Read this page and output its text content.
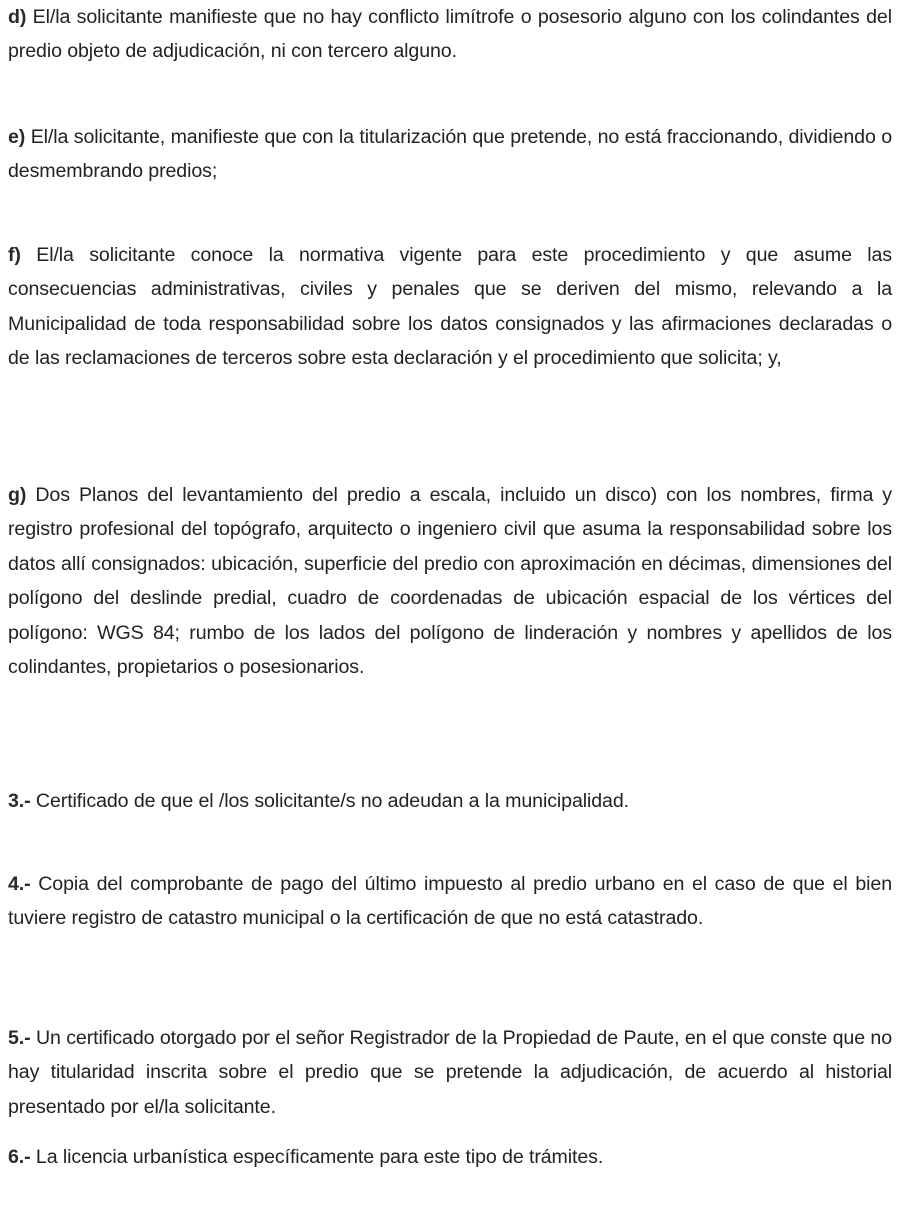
d) El/la solicitante manifieste que no hay conflicto limítrofe o posesorio alguno con los colindantes del predio objeto de adjudicación, ni con tercero alguno.

e) El/la solicitante, manifieste que con la titularización que pretende, no está fraccionando, dividiendo o desmembrando predios;

f) El/la solicitante conoce la normativa vigente para este procedimiento y que asume las consecuencias administrativas, civiles y penales que se deriven del mismo, relevando a la Municipalidad de toda responsabilidad sobre los datos consignados y las afirmaciones declaradas o de las reclamaciones de terceros sobre esta declaración y el procedimiento que solicita; y,

g) Dos Planos del levantamiento del predio a escala, incluido un disco) con los nombres, firma y registro profesional del topógrafo, arquitecto o ingeniero civil que asuma la responsabilidad sobre los datos allí consignados: ubicación, superficie del predio con aproximación en décimas, dimensiones del polígono del deslinde predial, cuadro de coordenadas de ubicación espacial de los vértices del polígono: WGS 84; rumbo de los lados del polígono de linderación y nombres y apellidos de los colindantes, propietarios o posesionarios.

3.- Certificado de que el /los solicitante/s no adeudan a la municipalidad.

4.- Copia del comprobante de pago del último impuesto al predio urbano en el caso de que el bien tuviere registro de catastro municipal o la certificación de que no está catastrado.

5.- Un certificado otorgado por el señor Registrador de la Propiedad de Paute, en el que conste que no hay titularidad inscrita sobre el predio que se pretende la adjudicación, de acuerdo al historial presentado por el/la solicitante.

6.- La licencia urbanística específicamente para este tipo de trámites.
